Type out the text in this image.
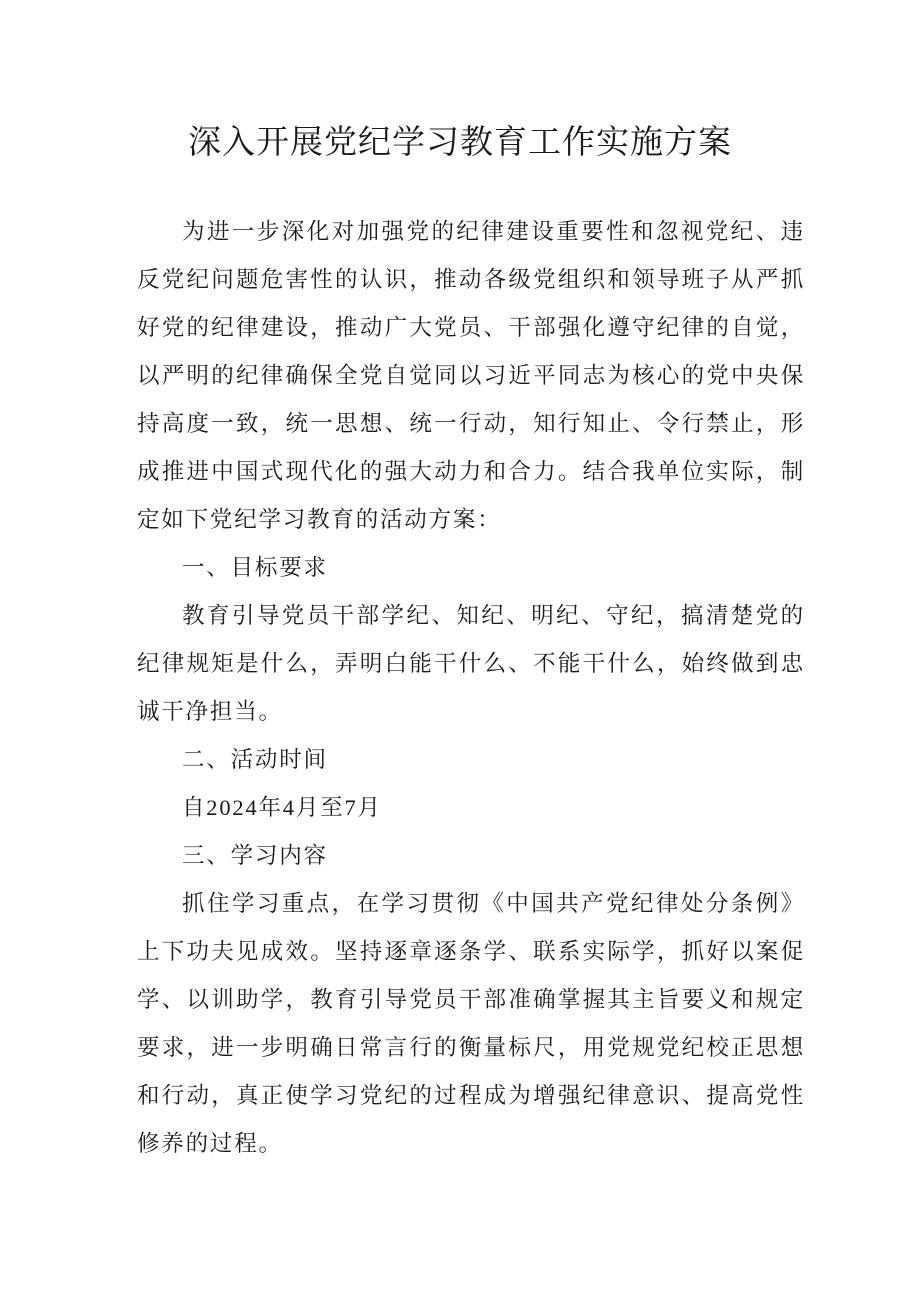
深入开展党纪学习教育工作实施方案

为进一步深化对加强党的纪律建设重要性和忽视党纪、违反党纪问题危害性的认识，推动各级党组织和领导班子从严抓好党的纪律建设，推动广大党员、干部强化遵守纪律的自觉，以严明的纪律确保全党自觉同以习近平同志为核心的党中央保持高度一致，统一思想、统一行动，知行知止、令行禁止，形成推进中国式现代化的强大动力和合力。结合我单位实际，制定如下党纪学习教育的活动方案：

一、目标要求

教育引导党员干部学纪、知纪、明纪、守纪，搞清楚党的纪律规矩是什么，弄明白能干什么、不能干什么，始终做到忠诚干净担当。

二、活动时间

自2024年4月至7月

三、学习内容

抓住学习重点，在学习贯彻《中国共产党纪律处分条例》上下功夫见成效。坚持逐章逐条学、联系实际学，抓好以案促学、以训助学，教育引导党员干部准确掌握其主旨要义和规定要求，进一步明确日常言行的衡量标尺，用党规党纪校正思想和行动，真正使学习党纪的过程成为增强纪律意识、提高党性修养的过程。
